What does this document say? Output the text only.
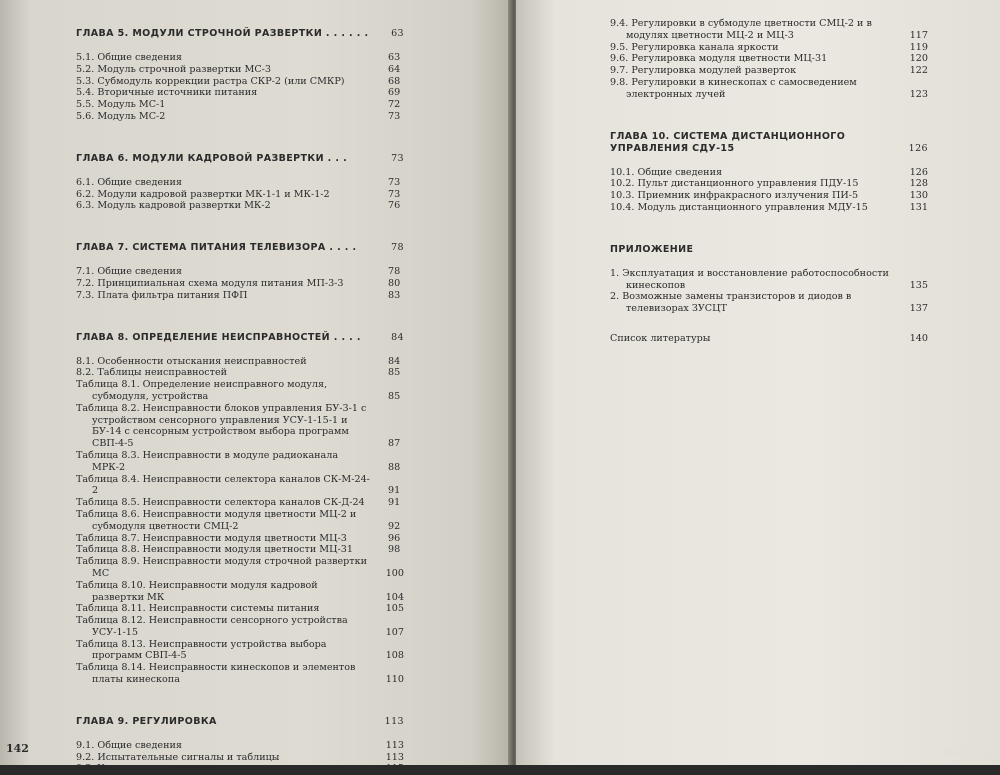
ГЛАВА 5. МОДУЛИ СТРОЧНОЙ РАЗВЕРТКИ . . . . . . 63
5.1. Общие сведения	63
5.2. Модуль строчной развертки МС-3	64
5.3. Субмодуль коррекции растра СКР-2 (или СМКР)	68
5.4. Вторичные источники питания	69
5.5. Модуль МС-1	72
5.6. Модуль МС-2	73
ГЛАВА 6. МОДУЛИ КАДРОВОЙ РАЗВЕРТКИ . . .	73
6.1. Общие сведения	73
6.2. Модули кадровой развертки МК-1-1 и МК-1-2	73
6.3. Модуль кадровой развертки МК-2	76
ГЛАВА 7. СИСТЕМА ПИТАНИЯ ТЕЛЕВИЗОРА . . . .	78
7.1. Общие сведения	78
7.2. Принципиальная схема модуля питания МП-3-3	80
7.3. Плата фильтра питания ПФП	83
ГЛАВА 8. ОПРЕДЕЛЕНИЕ НЕИСПРАВНОСТЕЙ . . . .	84
8.1. Особенности отыскания неисправностей	84
8.2. Таблицы неисправностей	85
Таблица 8.1. Определение неисправного модуля, субмодуля, устройства	85
Таблица 8.2. Неисправности блоков управления БУ-3-1 с устройством сенсорного управления УСУ-1-15-1 и БУ-14 с сенсорным устройством выбора программ СВП-4-5	87
Таблица 8.3. Неисправности в модуле радиоканала МРК-2	88
Таблица 8.4. Неисправности селектора каналов СК-М-24-2	91
Таблица 8.5. Неисправности селектора каналов СК-Д-24 91
Таблица 8.6. Неисправности модуля цветности МЦ-2 и субмодуля цветности СМЦ-2	92
Таблица 8.7. Неисправности модуля цветности МЦ-3	96
Таблица 8.8. Неисправности модуля цветности МЦ-31	98
Таблица 8.9. Неисправности модуля строчной развертки МС	100
Таблица 8.10. Неисправности модуля кадровой развертки МК	104
Таблица 8.11. Неисправности системы питания	105
Таблица 8.12. Неисправности сенсорного устройства УСУ-1-15	107
Таблица 8.13. Неисправности устройства выбора программ СВП-4-5	108
Таблица 8.14. Неисправности кинескопов и элементов платы кинескопа	110
ГЛАВА 9. РЕГУЛИРОВКА	113
9.1. Общие сведения	113
9.2. Испытательные сигналы и таблицы	113
9.3. Установочные регулировки	115
142
9.4. Регулировки в субмодуле цветности СМЦ-2 и в модулях цветности МЦ-2 и МЦ-3	117
9.5. Регулировка канала яркости	119
9.6. Регулировка модуля цветности МЦ-31	120
9.7. Регулировка модулей разверток	122
9.8. Регулировки в кинескопах с самосведением электронных лучей	123
ГЛАВА 10. СИСТЕМА ДИСТАНЦИОННОГО УПРАВЛЕНИЯ СДУ-15	126
10.1. Общие сведения	126
10.2. Пульт дистанционного управления ПДУ-15	128
10.3. Приемник инфракрасного излучения ПИ-5	130
10.4. Модуль дистанционного управления МДУ-15	131
ПРИЛОЖЕНИЕ
1. Эксплуатация и восстановление работоспособности кинескопов	135
2. Возможные замены транзисторов и диодов в телевизорах ЗУСЦТ	137
Список литературы	140
www.ay.by
